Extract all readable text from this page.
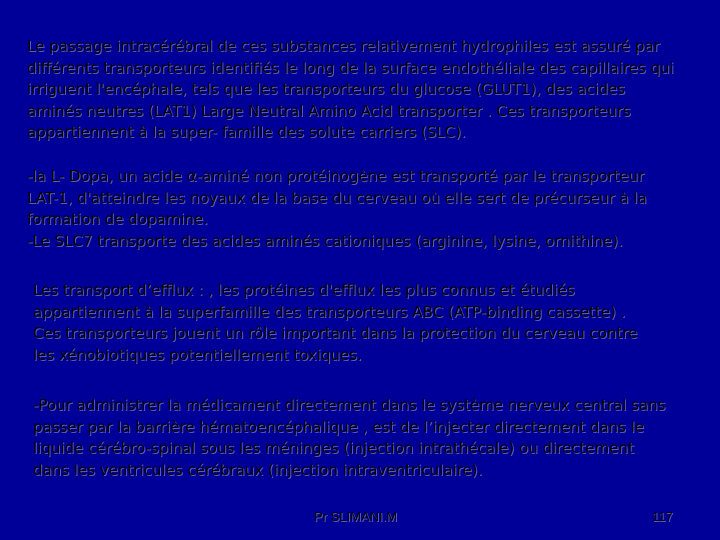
Le passage intracérébral de ces substances relativement hydrophiles est assuré par
différents transporteurs identifiés le long de la surface endothéliale des capillaires qui
irriguent l'encéphale, tels que les transporteurs du glucose (GLUT1), des acides
aminés neutres (LAT1) Large Neutral Amino Acid transporter . Ces transporteurs
appartiennent à la super- famille des solute carriers (SLC).
-la L- Dopa, un acide α-aminé non protéinogène est transporté par le transporteur
LAT-1, d'atteindre les noyaux de la base du cerveau où elle sert de précurseur à la
formation de dopamine.
-Le SLC7 transporte des acides aminés cationiques (arginine, lysine, ornithine).
Les transport d’efflux : , les protéines d'efflux les plus connus et étudiés
appartiennent à la superfamille des transporteurs ABC (ATP-binding cassette) .
Ces transporteurs jouent un rôle important dans la protection du cerveau contre
les xénobiotiques potentiellement toxiques.
-Pour administrer la médicament directement dans le système nerveux central sans
passer par la barrière hématoencéphalique , est de l’injecter directement dans le
liquide cérébro-spinal sous les méninges (injection intrathécale) ou directement
dans les ventricules cérébraux (injection intraventriculaire).
Pr SLIMANI.M	117
